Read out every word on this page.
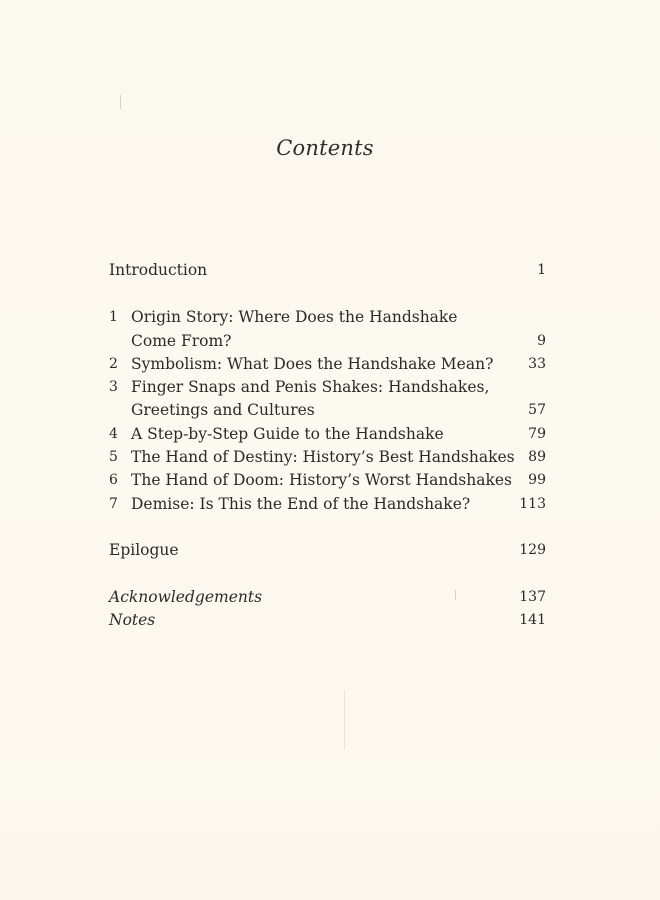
Contents
Introduction	1
1 Origin Story: Where Does the Handshake
Come From?	9
2 Symbolism: What Does the Handshake Mean? 33
3 Finger Snaps and Penis Shakes: Handshakes,
Greetings and Cultures	57
4 A Step-by-Step Guide to the Handshake	79
5 The Hand of Destiny: History’s Best Handshakes 89
6 The Hand of Doom: History’s Worst Handshakes 99
7 Demise: Is This the End of the Handshake?	113
Epilogue	129
Acknowledgements	137
Notes	141
